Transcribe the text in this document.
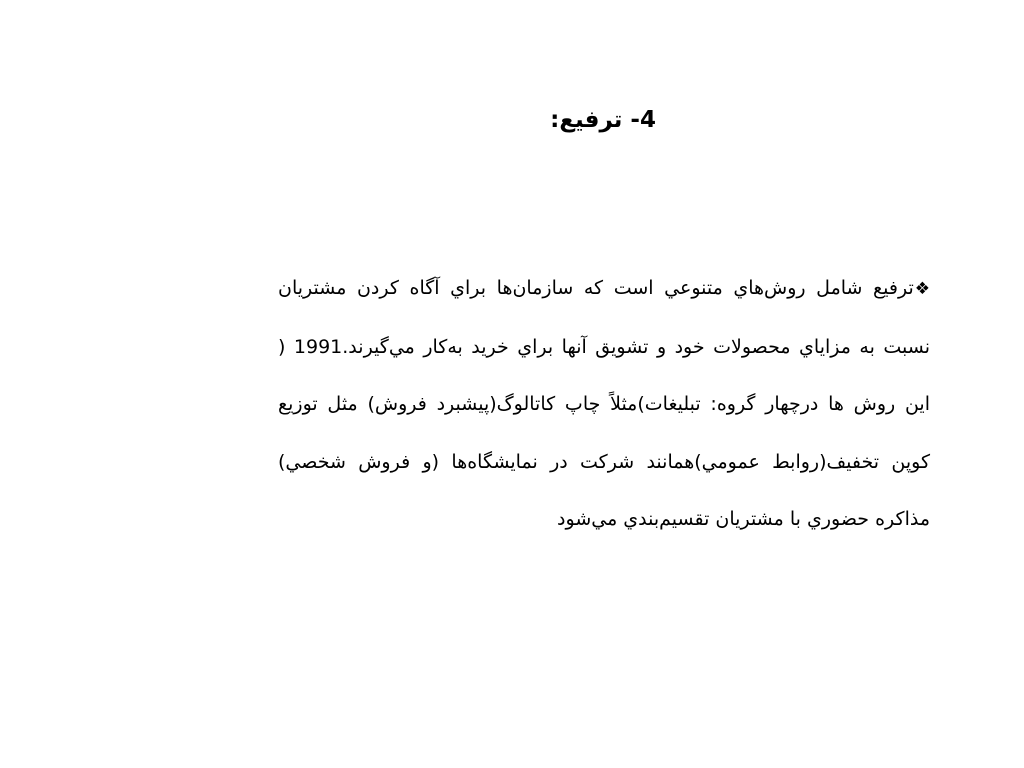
4- ترفيع:
❖ترفيع شامل روش‌هاي متنوعي است كه سازمان‌ها براي آگاه كردن مشتريان نسبت به مزاياي محصولات خود و تشويق آنها براي خريد به‌كار مي‌گيرند.1991 ( اين روش ها درچهار گروه: تبليغات)مثلاً چاپ كاتالوگ(پيشبرد فروش) مثل توزيع كوپن تخفيف(روابط عمومي)همانند شركت در نمايشگاه‌ها (و فروش شخصي) مذاكره حضوري با مشتريان تقسيم‌بندي مي‌شود
